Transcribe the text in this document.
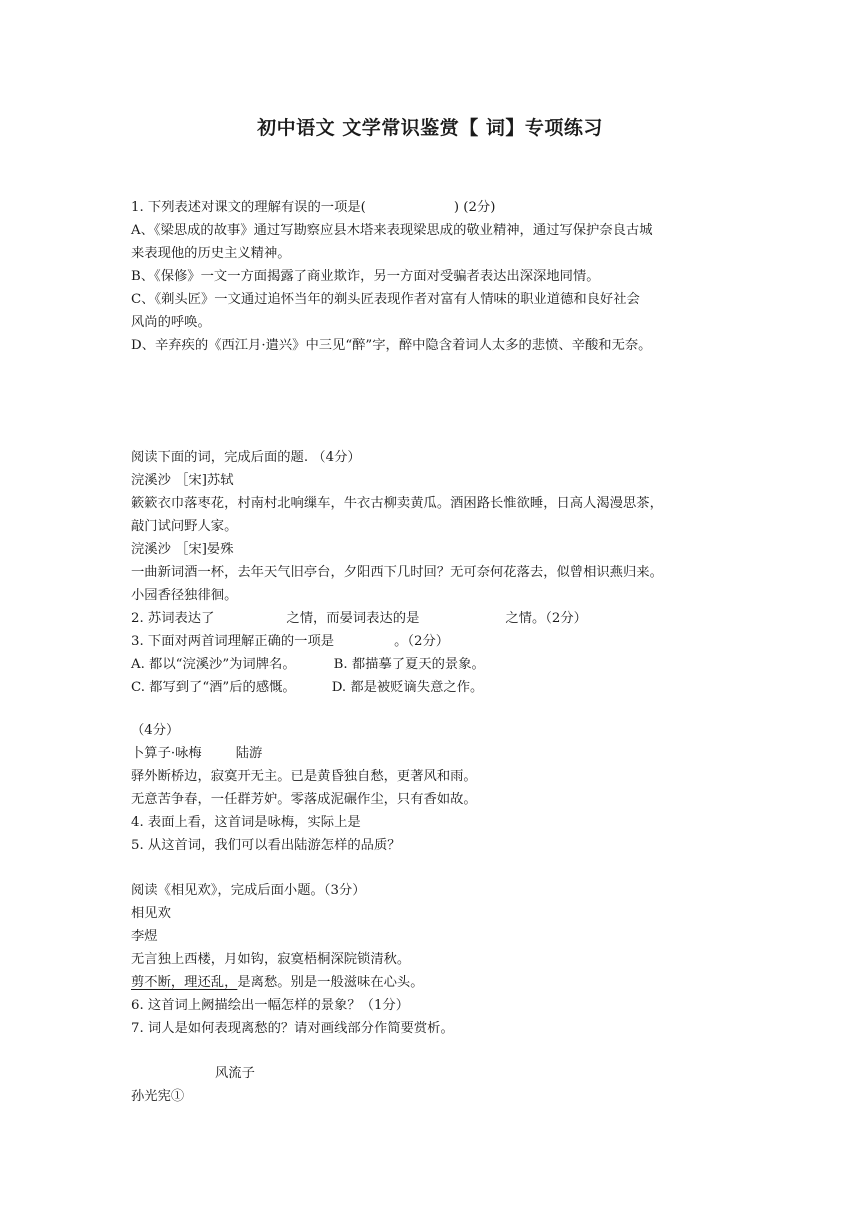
初中语文 文学常识鉴赏【 词】专项练习
1. 下列表述对课文的理解有误的一项是(	) (2分)
A、《梁思成的故事》通过写勘察应县木塔来表现梁思成的敬业精神，通过写保护奈良古城
来表现他的历史主义精神。
B、《保修》一文一方面揭露了商业欺诈，另一方面对受骗者表达出深深地同情。
C、《剃头匠》一文通过追怀当年的剃头匠表现作者对富有人情味的职业道德和良好社会
风尚的呼唤。
D、辛弃疾的《西江月·遣兴》中三见“醉”字，醉中隐含着词人太多的悲愤、辛酸和无奈。
阅读下面的词，完成后面的题. （4分）
浣溪沙 ［宋]苏轼
簌簌衣巾落枣花，村南村北响缫车，牛衣古柳卖黄瓜。酒困路长惟欲睡，日高人渴漫思茶，
敲门试问野人家。
浣溪沙 ［宋]晏殊
一曲新词酒一杯，去年天气旧亭台，夕阳西下几时回？无可奈何花落去，似曾相识燕归来。
小园香径独徘徊。
2. 苏词表达了	之情，而晏词表达的是	之情。（2分）
3. 下面对两首词理解正确的一项是	。（2分）
A. 都以“浣溪沙”为词牌名。	B. 都描摹了夏天的景象。
C. 都写到了“酒”后的感慨。	D. 都是被贬谪失意之作。
（4分）
卜算子·咏梅	陆游
驿外断桥边，寂寞开无主。已是黄昏独自愁，更著风和雨。
无意苦争春，一任群芳妒。零落成泥碾作尘，只有香如故。
4. 表面上看，这首词是咏梅，实际上是
5. 从这首词，我们可以看出陆游怎样的品质？
阅读《相见欢》，完成后面小题。（3分）
相见欢
李煜
无言独上西楼，月如钩，寂寞梧桐深院锁清秋。
剪不断，理还乱，是离愁。别是一般滋味在心头。
6. 这首词上阙描绘出一幅怎样的景象？（1分）
7. 词人是如何表现离愁的？请对画线部分作简要赏析。
风流子
孙光宪①
